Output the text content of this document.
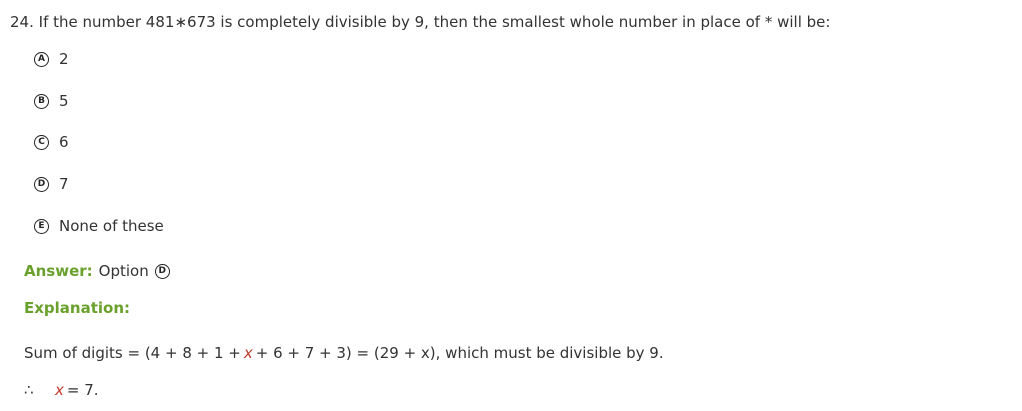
24. If the number 481∗673 is completely divisible by 9, then the smallest whole number in place of * will be:
A 2
B 5
C 6
D 7
E None of these
Answer: Option	D
Explanation:
Sum of digits = (4 + 8 + 1 + x + 6 + 7 + 3) = (29 + x), which must be divisible by 9.
∴ x = 7.
